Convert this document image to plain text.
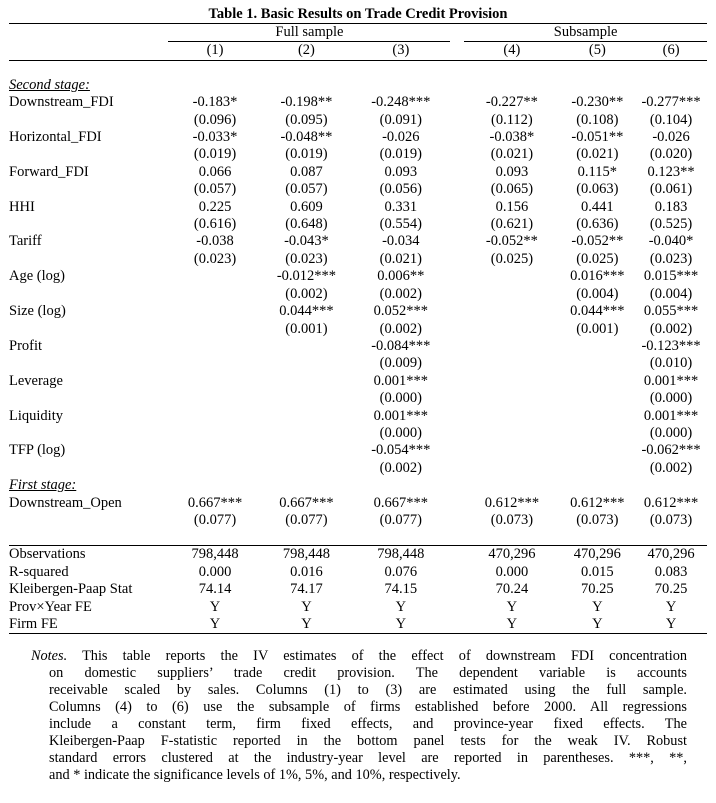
Table 1. Basic Results on Trade Credit Provision
	Full sample				Subsample		
	(1)	(2)	(3)		(4)	(5)	(6)

Second stage:							
Downstream_FDI	-0.183*	-0.198**	-0.248***		-0.227**	-0.230**	-0.277***
	(0.096)	(0.095)	(0.091)		(0.112)	(0.108)	(0.104)
Horizontal_FDI	-0.033*	-0.048**	-0.026		-0.038*	-0.051**	-0.026
	(0.019)	(0.019)	(0.019)		(0.021)	(0.021)	(0.020)
Forward_FDI	0.066	0.087	0.093		0.093	0.115*	0.123**
	(0.057)	(0.057)	(0.056)		(0.065)	(0.063)	(0.061)
HHI	0.225	0.609	0.331		0.156	0.441	0.183
	(0.616)	(0.648)	(0.554)		(0.621)	(0.636)	(0.525)
Tariff	-0.038	-0.043*	-0.034		-0.052**	-0.052**	-0.040*
	(0.023)	(0.023)	(0.021)		(0.025)	(0.025)	(0.023)
Age (log)		-0.012***	0.006**			0.016***	0.015***
		(0.002)	(0.002)			(0.004)	(0.004)
Size (log)		0.044***	0.052***			0.044***	0.055***
		(0.001)	(0.002)			(0.001)	(0.002)
Profit			-0.084***				-0.123***
			(0.009)				(0.010)
Leverage			0.001***				0.001***
			(0.000)				(0.000)
Liquidity			0.001***				0.001***
			(0.000)				(0.000)
TFP (log)			-0.054***				-0.062***
			(0.002)				(0.002)
First stage:							
Downstream_Open	0.667***	0.667***	0.667***		0.612***	0.612***	0.612***
	(0.077)	(0.077)	(0.077)		(0.073)	(0.073)	(0.073)

Observations	798,448	798,448	798,448		470,296	470,296	470,296
R-squared	0.000	0.016	0.076		0.000	0.015	0.083
Kleibergen-Paap Stat	74.14	74.17	74.15		70.24	70.25	70.25
Prov×Year FE	Y	Y	Y		Y	Y	Y
Firm FE	Y	Y	Y		Y	Y	Y
Notes. This table reports the IV estimates of the effect of downstream FDI concentration
on domestic suppliers’ trade credit provision. The dependent variable is accounts
receivable scaled by sales. Columns (1) to (3) are estimated using the full sample.
Columns (4) to (6) use the subsample of firms established before 2000. All regressions
include a constant term, firm fixed effects, and province-year fixed effects. The
Kleibergen-Paap F-statistic reported in the bottom panel tests for the weak IV. Robust
standard errors clustered at the industry-year level are reported in parentheses. ***, **,
and * indicate the significance levels of 1%, 5%, and 10%, respectively.
